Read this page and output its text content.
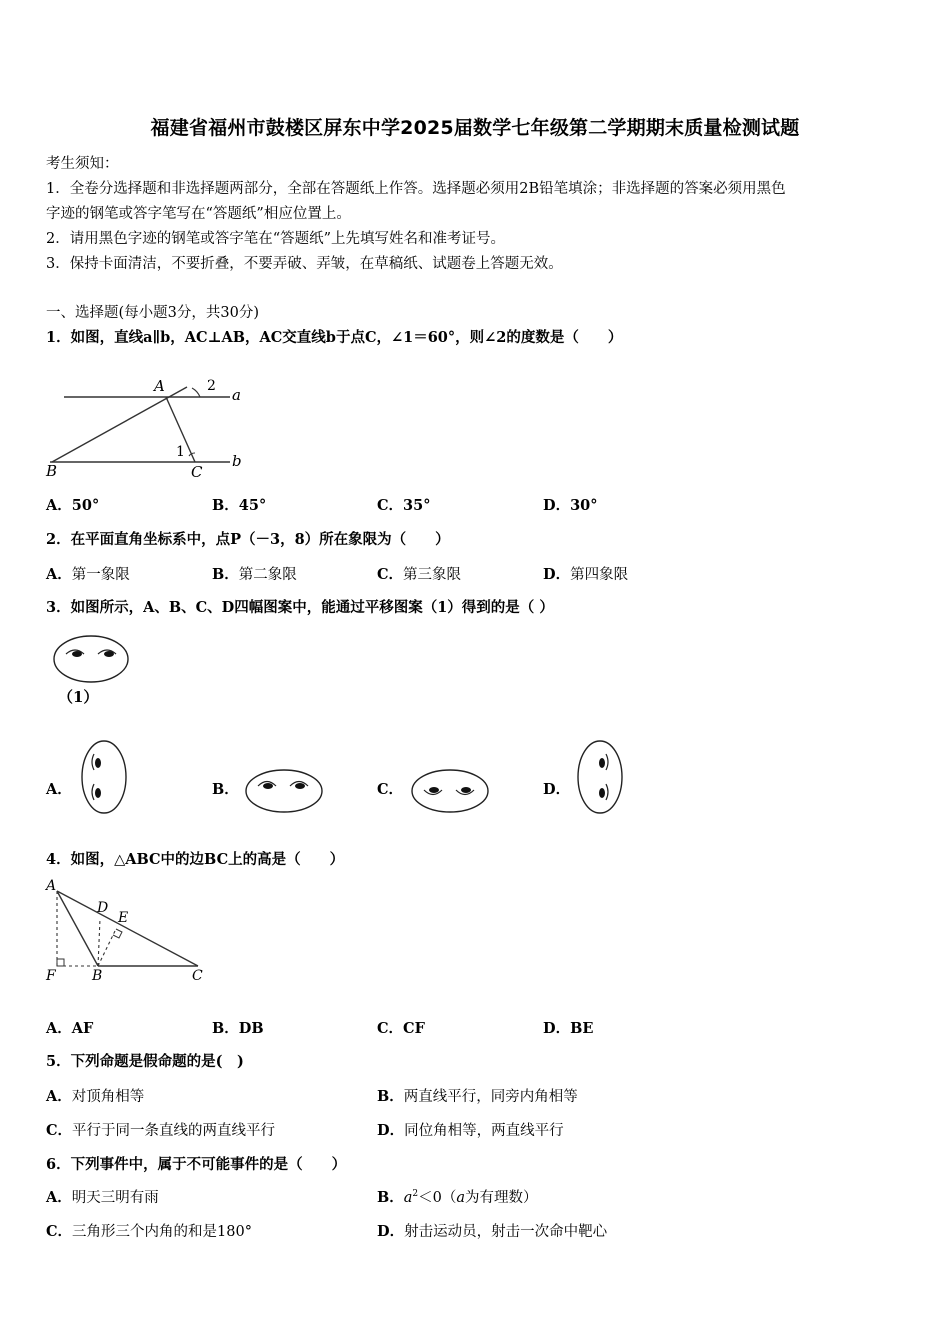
福建省福州市鼓楼区屏东中学2025届数学七年级第二学期期末质量检测试题
考生须知：
1．全卷分选择题和非选择题两部分，全部在答题纸上作答。选择题必须用2B铅笔填涂；非选择题的答案必须用黑色
字迹的钢笔或答字笔写在“答题纸”相应位置上。
2．请用黑色字迹的钢笔或答字笔在“答题纸”上先填写姓名和准考证号。
3．保持卡面清洁，不要折叠，不要弄破、弄皱，在草稿纸、试题卷上答题无效。
一、选择题(每小题3分，共30分)
1．如图，直线a∥b，AC⊥AB，AC交直线b于点C，∠1＝60°，则∠2的度数是（　　）
A	2 a
1
B	C
b
A．50°	B．45°	C．35°	D．30°
2．在平面直角坐标系中，点P（－3，8）所在象限为（　　）
A．第一象限	B．第二象限	C．第三象限	D．第四象限
3．如图所示，A、B、C、D四幅图案中，能通过平移图案（1）得到的是（ ）
（1）
A．	B．	C．	D．
4．如图，△ABC中的边BC上的高是（　　）
A
D
E
F	B	C
A．AF	B．DB	C．CF	D．BE
5．下列命题是假命题的是(　)
A．对顶角相等	B．两直线平行，同旁内角相等
C．平行于同一条直线的两直线平行	D．同位角相等，两直线平行
6．下列事件中，属于不可能事件的是（　　）
A．明天三明有雨	B．$a^2<0(a$为有理数）
C．三角形三个内角的和是180°	D．射击运动员，射击一次命中靶心
